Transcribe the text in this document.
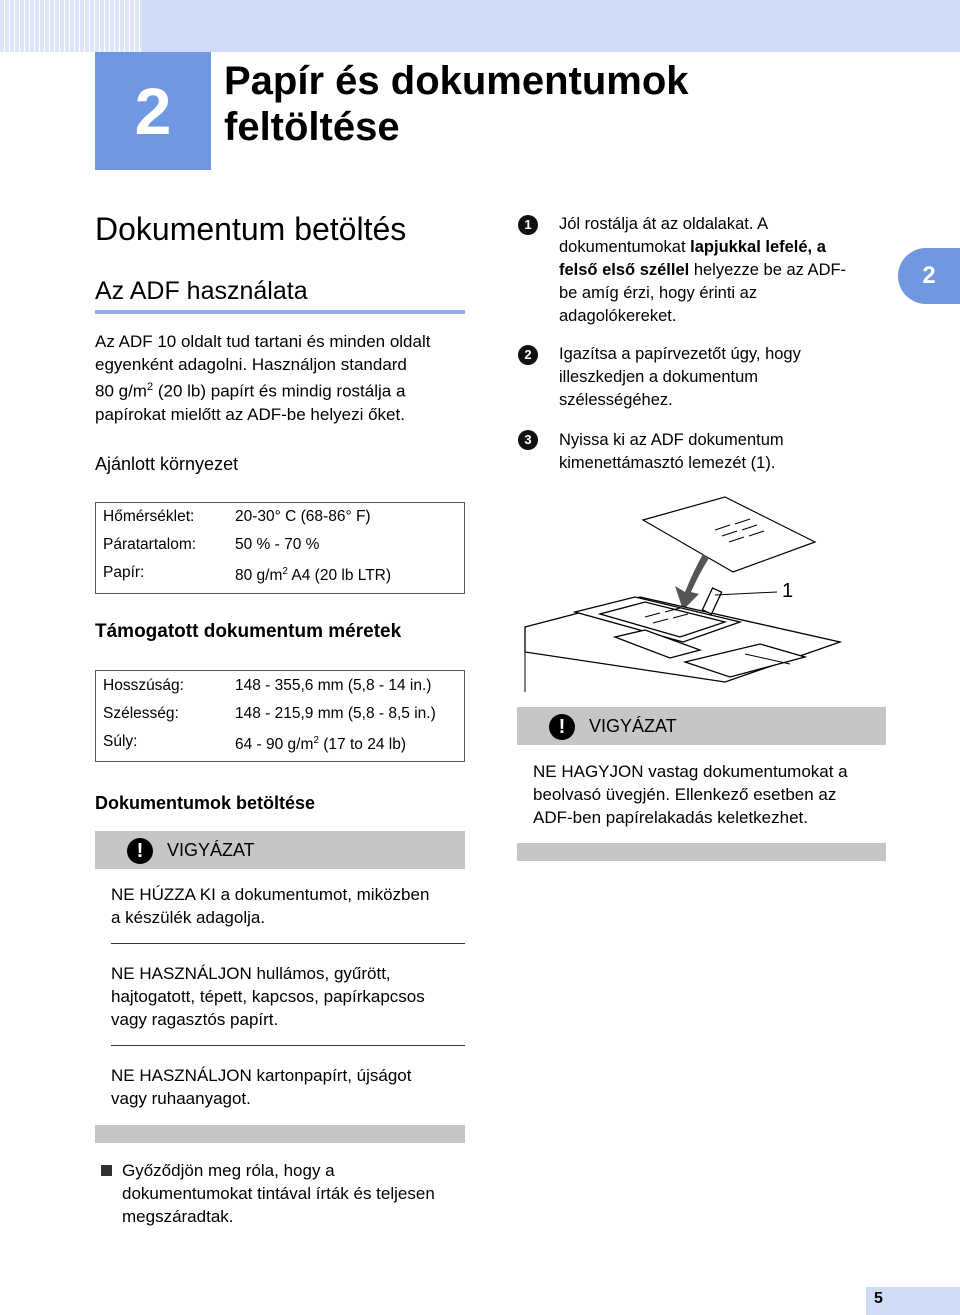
2	Papír és dokumentumok
feltöltése
2
Dokumentum betöltés
Az ADF használata
Az ADF 10 oldalt tud tartani és minden oldalt
egyenként adagolni. Használjon standard
80 $g/m^2$ (20 lb) papírt és mindig rostálja a
papírokat mielőtt az ADF-be helyezi őket.
Ajánlott környezet
Hőmérséklet:	20-30° C (68-86° F)
Páratartalom:	50 % - 70 %
Papír:	80 $g/m^2$ A4 (20 lb LTR)
Támogatott dokumentum méretek
Hosszúság:	148 - 355,6 mm (5,8 - 14 in.)
Szélesség:	148 - 215,9 mm (5,8 - 8,5 in.)
Súly:	64 - 90 $g/m^2$ (17 to 24 lb)
Dokumentumok betöltése
!	VIGYÁZAT
NE HÚZZA KI a dokumentumot, miközben
a készülék adagolja.
NE HASZNÁLJON hullámos, gyűrött,
hajtogatott, tépett, kapcsos, papírkapcsos
vagy ragasztós papírt.
NE HASZNÁLJON kartonpapírt, újságot
vagy ruhaanyagot.
Győződjön meg róla, hogy a
dokumentumokat tintával írták és teljesen
megszáradtak.
1	Jól rostálja át az oldalakat. A
dokumentumokat lapjukkal lefelé, a
felső első széllel helyezze be az ADF-
be amíg érzi, hogy érinti az
adagolókereket.
2	Igazítsa a papírvezetőt úgy, hogy
illeszkedjen a dokumentum
szélességéhez.
3	Nyissa ki az ADF dokumentum
kimenettámasztó lemezét (1).
1
!	VIGYÁZAT
NE HAGYJON vastag dokumentumokat a
beolvasó üvegjén. Ellenkező esetben az
ADF-ben papírelakadás keletkezhet.
5
